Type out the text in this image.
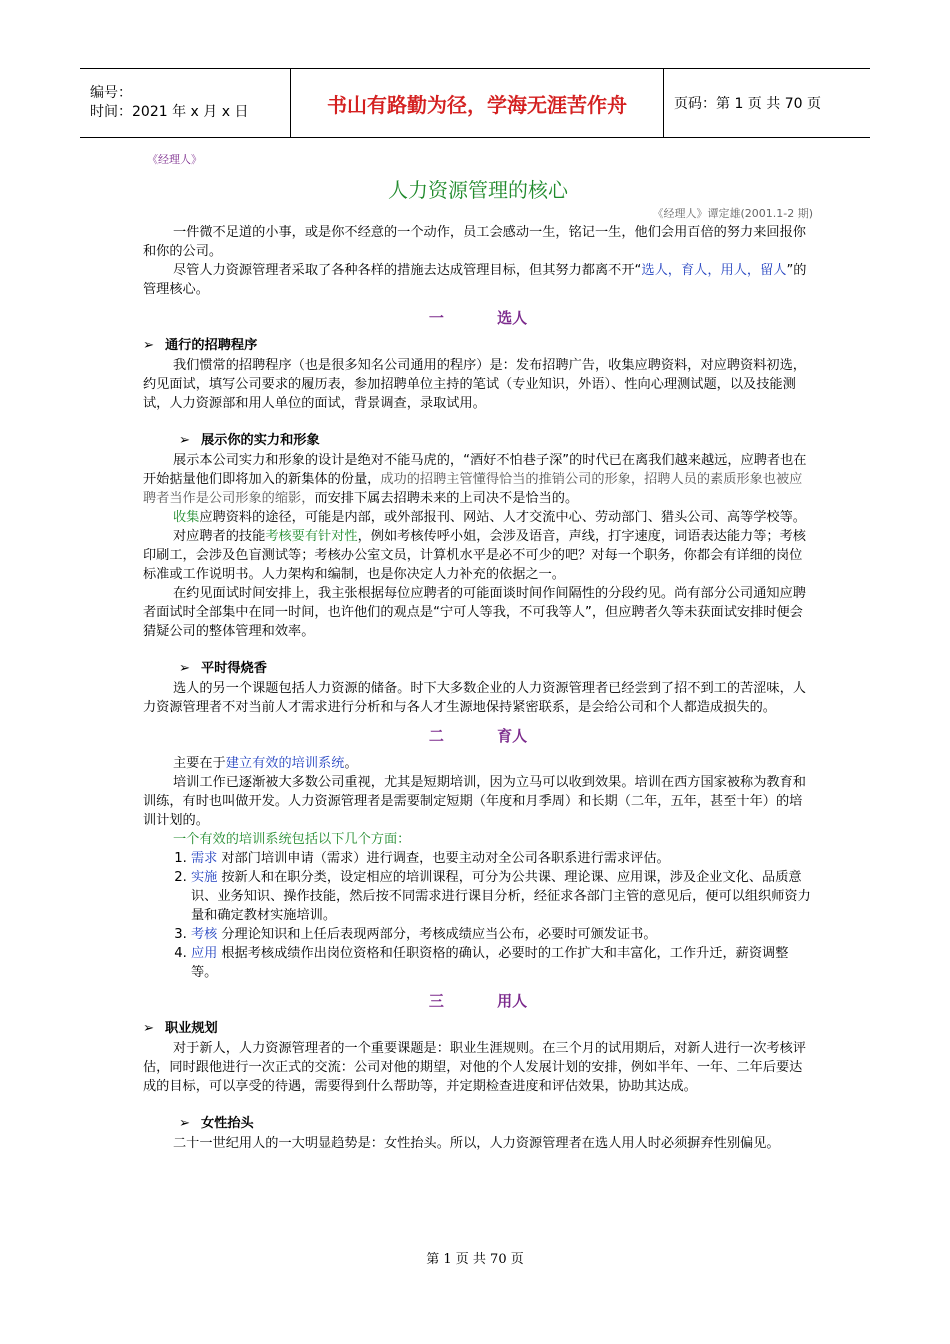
编号：
时间：2021 年 x 月 x 日	书山有路勤为径，学海无涯苦作舟	页码：第 1 页 共 70 页
《经理人》
人力资源管理的核心
《经理人》谭定雄(2001.1-2 期)

一件微不足道的小事，或是你不经意的一个动作，员工会感动一生，铭记一生，他们会用百倍的努力来回报你和你的公司。

尽管人力资源管理者采取了各种各样的措施去达成管理目标，但其努力都离不开“选人，育人，用人，留人”的管理核心。

一 选人
➢ 通行的招聘程序

我们惯常的招聘程序（也是很多知名公司通用的程序）是：发布招聘广告，收集应聘资料，对应聘资料初选，约见面试，填写公司要求的履历表，参加招聘单位主持的笔试（专业知识，外语）、性向心理测试题，以及技能测试，人力资源部和用人单位的面试，背景调查，录取试用。

➢ 展示你的实力和形象

展示本公司实力和形象的设计是绝对不能马虎的，“酒好不怕巷子深”的时代已在离我们越来越远，应聘者也在开始掂量他们即将加入的新集体的份量，成功的招聘主管懂得恰当的推销公司的形象，招聘人员的素质形象也被应聘者当作是公司形象的缩影，而安排下属去招聘未来的上司决不是恰当的。

收集应聘资料的途径，可能是内部，或外部报刊、网站、人才交流中心、劳动部门、猎头公司、高等学校等。

对应聘者的技能考核要有针对性，例如考核传呼小姐，会涉及语音，声线，打字速度，词语表达能力等；考核印刷工，会涉及色盲测试等；考核办公室文员，计算机水平是必不可少的吧？对每一个职务，你都会有详细的岗位标准或工作说明书。人力架构和编制，也是你决定人力补充的依据之一。

在约见面试时间安排上，我主张根据每位应聘者的可能面谈时间作间隔性的分段约见。尚有部分公司通知应聘者面试时全部集中在同一时间，也许他们的观点是“宁可人等我，不可我等人”，但应聘者久等未获面试安排时便会猜疑公司的整体管理和效率。

➢ 平时得烧香

选人的另一个课题包括人力资源的储备。时下大多数企业的人力资源管理者已经尝到了招不到工的苦涩味，人力资源管理者不对当前人才需求进行分析和与各人才生源地保持紧密联系，是会给公司和个人都造成损失的。

二 育人

主要在于建立有效的培训系统。

培训工作已逐渐被大多数公司重视，尤其是短期培训，因为立马可以收到效果。培训在西方国家被称为教育和训练，有时也叫做开发。人力资源管理者是需要制定短期（年度和月季周）和长期（二年，五年，甚至十年）的培训计划的。

一个有效的培训系统包括以下几个方面：

1. 需求 对部门培训申请（需求）进行调查，也要主动对全公司各职系进行需求评估。
2. 实施 按新人和在职分类，设定相应的培训课程，可分为公共课、理论课、应用课，涉及企业文化、品质意识、业务知识、操作技能，然后按不同需求进行课目分析，经征求各部门主管的意见后，便可以组织师资力量和确定教材实施培训。
3. 考核 分理论知识和上任后表现两部分，考核成绩应当公布，必要时可颁发证书。
4. 应用 根据考核成绩作出岗位资格和任职资格的确认，必要时的工作扩大和丰富化，工作升迁，薪资调整等。
三 用人
➢ 职业规划

对于新人，人力资源管理者的一个重要课题是：职业生涯规则。在三个月的试用期后，对新人进行一次考核评估，同时跟他进行一次正式的交流：公司对他的期望，对他的个人发展计划的安排，例如半年、一年、二年后要达成的目标，可以享受的待遇，需要得到什么帮助等，并定期检查进度和评估效果，协助其达成。

➢ 女性抬头

二十一世纪用人的一大明显趋势是：女性抬头。所以，人力资源管理者在选人用人时必须摒弃性别偏见。

第 1 页 共 70 页
